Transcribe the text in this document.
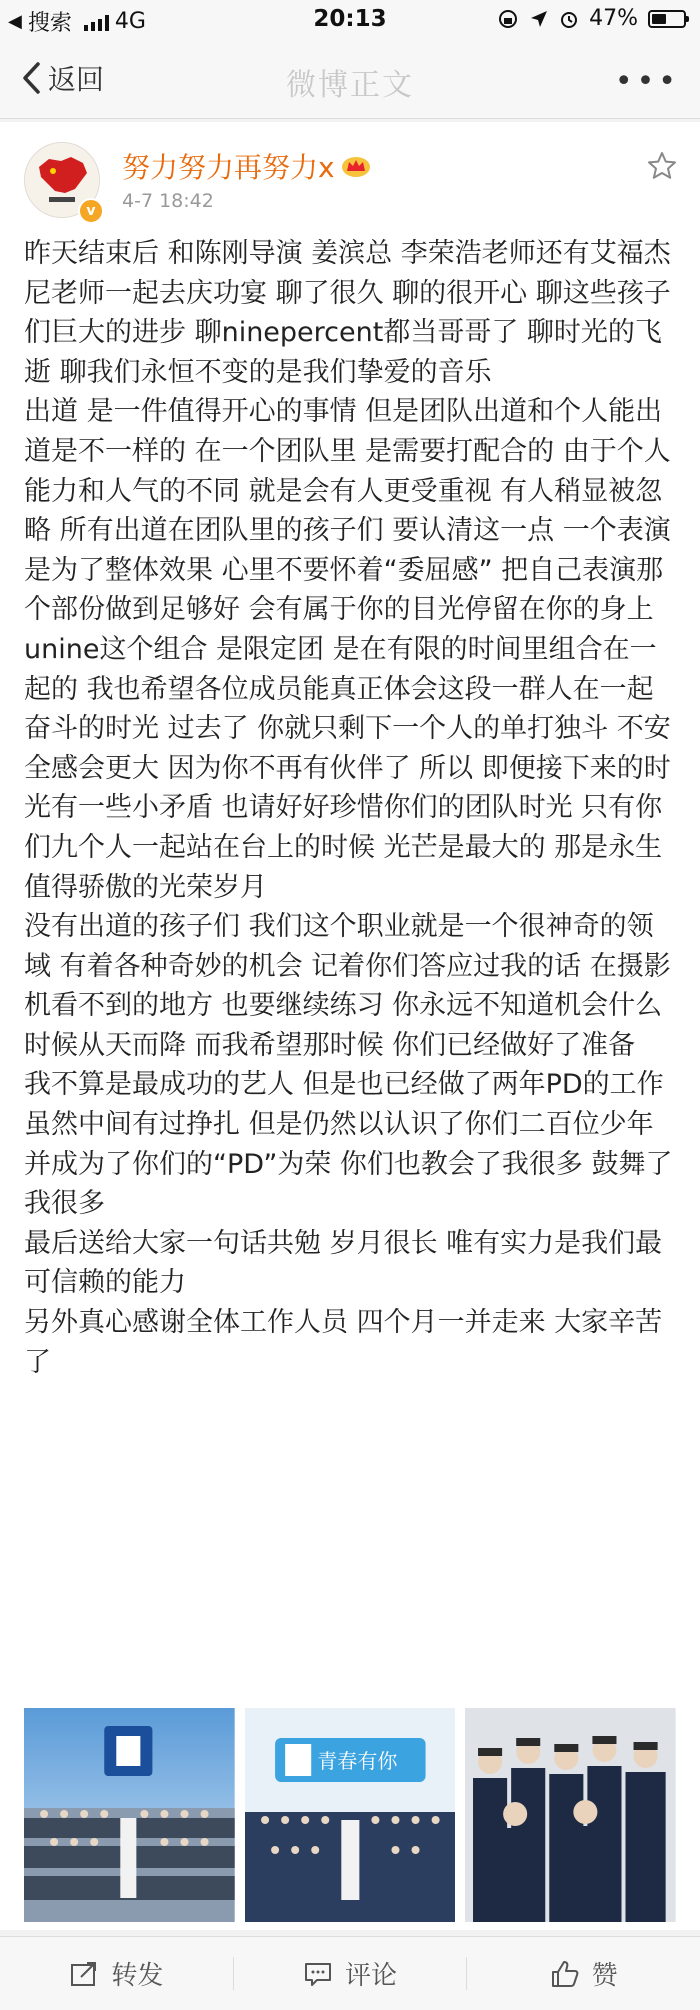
◀ 搜索 4G	20:13	47%
返回	微博正文	•••
v
努力努力再努力x
4-7 18:42

昨天结束后 和陈刚导演 姜滨总 李荣浩老师还有艾福杰尼老师一起去庆功宴 聊了很久 聊的很开心 聊这些孩子们巨大的进步 聊ninepercent都当哥哥了 聊时光的飞逝 聊我们永恒不变的是我们挚爱的音乐

出道 是一件值得开心的事情 但是团队出道和个人能出道是不一样的 在一个团队里 是需要打配合的 由于个人能力和人气的不同 就是会有人更受重视 有人稍显被忽略 所有出道在团队里的孩子们 要认清这一点 一个表演 是为了整体效果 心里不要怀着“委屈感” 把自己表演那个部份做到足够好 会有属于你的目光停留在你的身上

unine这个组合 是限定团 是在有限的时间里组合在一起的 我也希望各位成员能真正体会这段一群人在一起奋斗的时光 过去了 你就只剩下一个人的单打独斗 不安全感会更大 因为你不再有伙伴了 所以 即便接下来的时光有一些小矛盾 也请好好珍惜你们的团队时光 只有你们九个人一起站在台上的时候 光芒是最大的 那是永生值得骄傲的光荣岁月

没有出道的孩子们 我们这个职业就是一个很神奇的领域 有着各种奇妙的机会 记着你们答应过我的话 在摄影机看不到的地方 也要继续练习 你永远不知道机会什么时候从天而降 而我希望那时候 你们已经做好了准备

我不算是最成功的艺人 但是也已经做了两年PD的工作 虽然中间有过挣扎 但是仍然以认识了你们二百位少年 并成为了你们的“PD”为荣 你们也教会了我很多 鼓舞了我很多

最后送给大家一句话共勉 岁月很长 唯有实力是我们最可信赖的能力

另外真心感谢全体工作人员 四个月一并走来 大家辛苦了

青春有你
转发	评论	赞
